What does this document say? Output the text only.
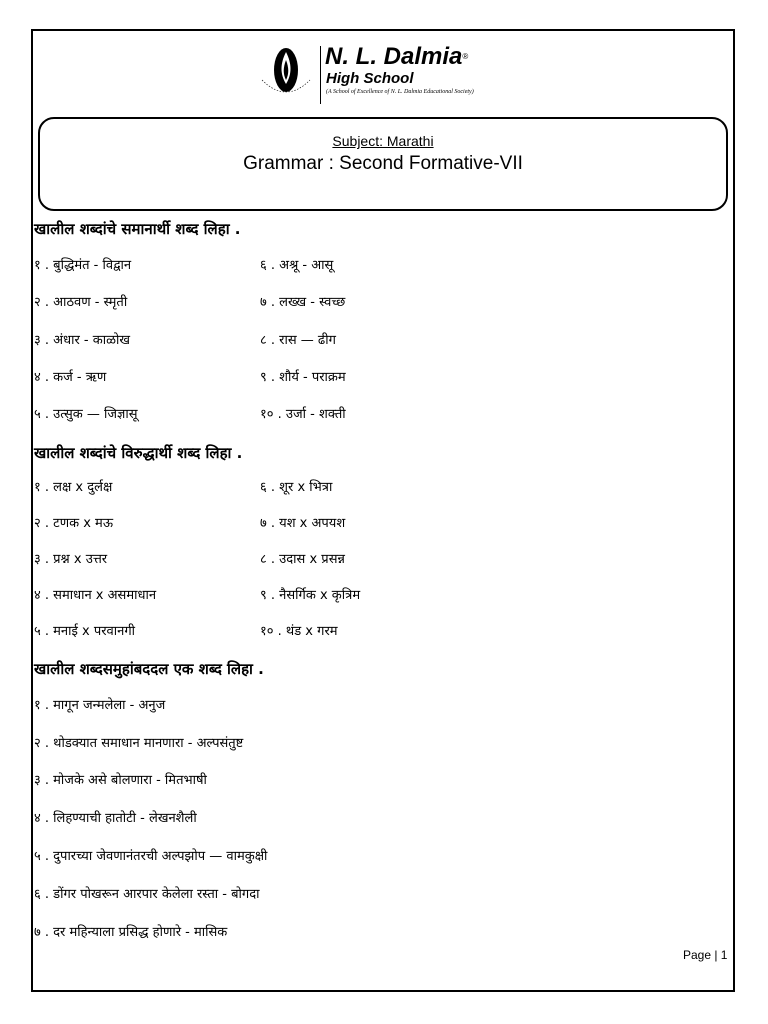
N. L. Dalmia®
High School
(A School of Excellence of N. L. Dalmia Educational Society)
Subject: Marathi
Grammar : Second Formative-VII
खालील शब्दांचे समानार्थी शब्द लिहा .
१ . बुद्धिमंत - विद्वान
२ . आठवण - स्मृती
३ . अंधार - काळोख
४ . कर्ज - ऋण
५ . उत्सुक — जिज्ञासू
६ . अश्रू - आसू
७ . लख्ख - स्वच्छ
८ . रास — ढीग
९ . शौर्य - पराक्रम
१० . उर्जा - शक्ती
खालील शब्दांचे विरुद्धार्थी शब्द लिहा .
१ . लक्ष x दुर्लक्ष
२ . टणक x मऊ
३ . प्रश्न x उत्तर
४ . समाधान x असमाधान
५ . मनाई x परवानगी
६ . शूर x भित्रा
७ . यश x अपयश
८ . उदास x प्रसन्न
९ . नैसर्गिक x कृत्रिम
१० . थंड x गरम
खालील शब्दसमुहांबददल एक शब्द लिहा .
१ . मागून जन्मलेला - अनुज
२ . थोडक्यात समाधान मानणारा - अल्पसंतुष्ट
३ . मोजके असे बोलणारा - मितभाषी
४ . लिहण्याची हातोटी - लेखनशैली
५ . दुपारच्या जेवणानंतरची अल्पझोप — वामकुक्षी
६ . डोंगर पोखरून आरपार केलेला रस्ता - बोगदा
७ . दर महिन्याला प्रसिद्ध होणारे - मासिक
Page | 1
